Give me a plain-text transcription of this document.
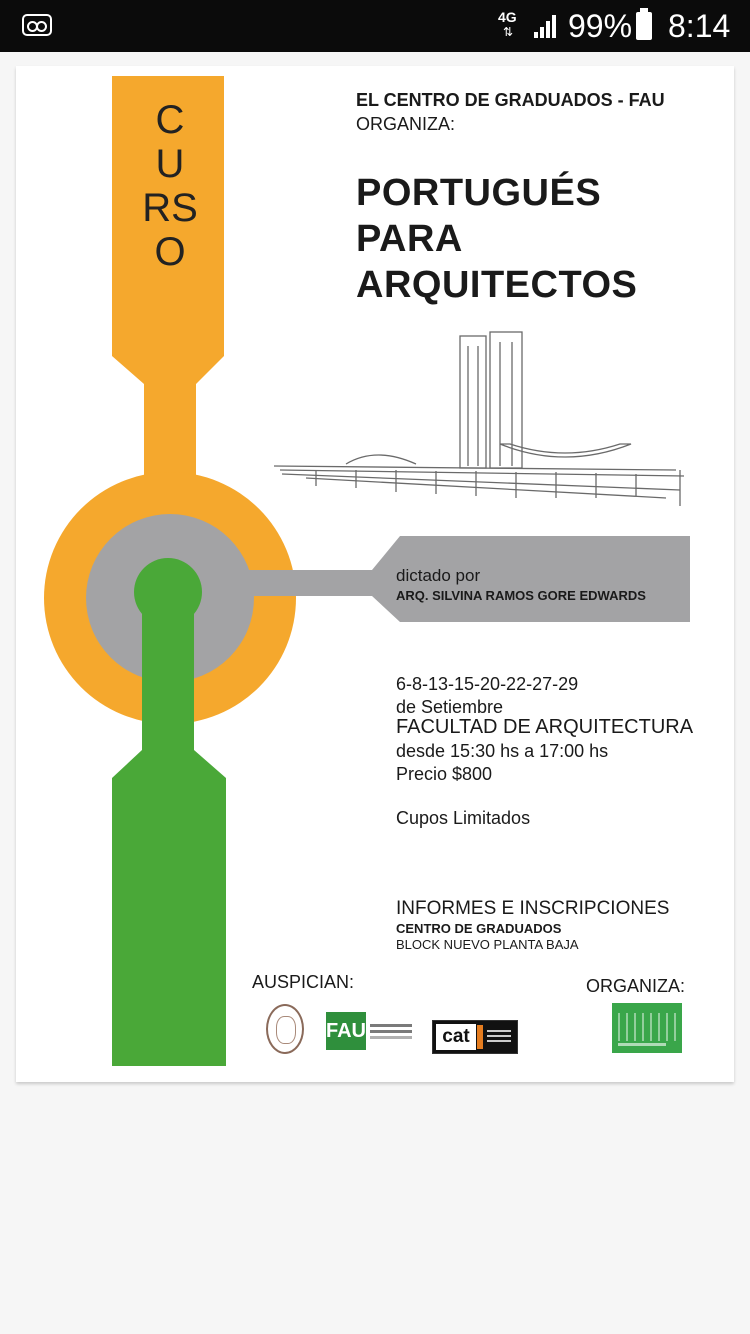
4G
⇅ 99% 8:14
CURSO
EL CENTRO DE GRADUADOS - FAU
ORGANIZA:
PORTUGUÉS
PARA
ARQUITECTOS
dictado por
ARQ. SILVINA RAMOS GORE EDWARDS
6-8-13-15-20-22-27-29
de Setiembre
FACULTAD DE ARQUITECTURA
desde 15:30 hs a 17:00 hs
Precio $800
Cupos Limitados
INFORMES E INSCRIPCIONES
CENTRO DE GRADUADOS
BLOCK NUEVO PLANTA BAJA
AUSPICIAN:	ORGANIZA:
FAU	cat
